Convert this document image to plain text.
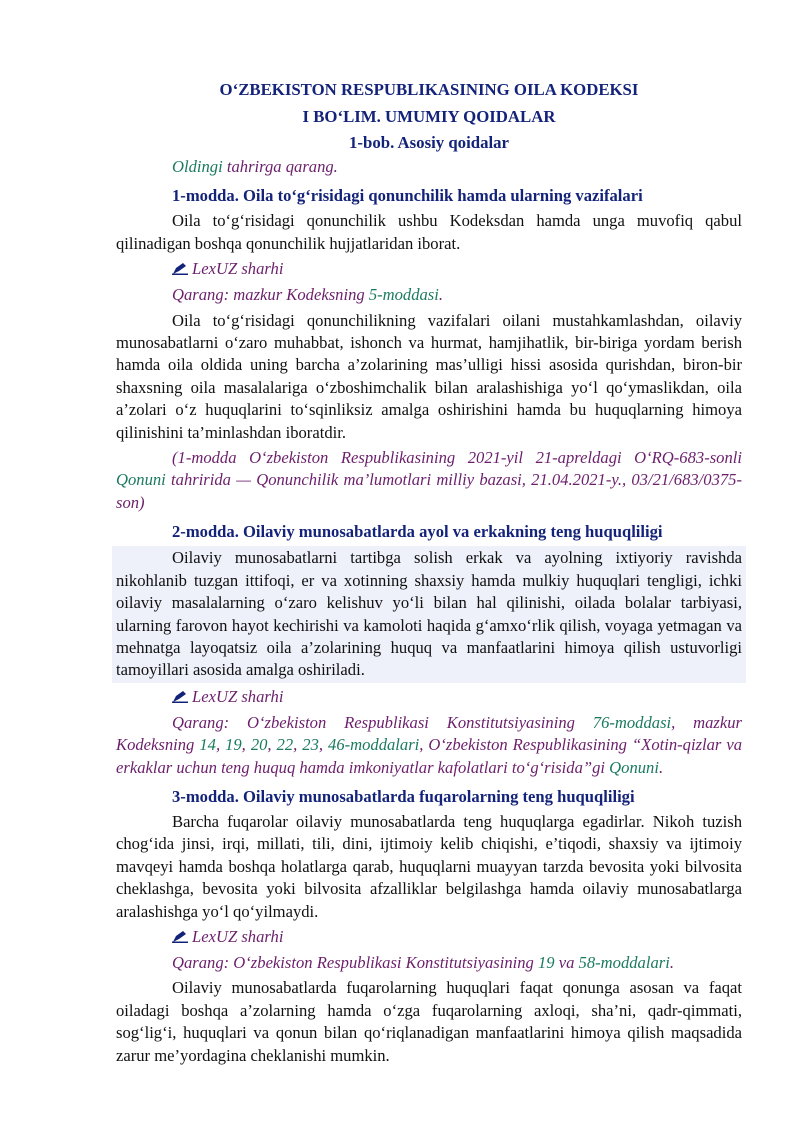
O‘ZBEKISTON RESPUBLIKASINING OILA KODEKSI

I BO‘LIM. UMUMIY QOIDALAR

1-bob. Asosiy qoidalar

Oldingi tahrirga qarang.

1-modda. Oila to‘g‘risidagi qonunchilik hamda ularning vazifalari

Oila to‘g‘risidagi qonunchilik ushbu Kodeksdan hamda unga muvofiq qabul qilinadigan boshqa qonunchilik hujjatlaridan iborat.

LexUZ sharhi

Qarang: mazkur Kodeksning 5-moddasi.

Oila to‘g‘risidagi qonunchilikning vazifalari oilani mustahkamlashdan, oilaviy munosabatlarni o‘zaro muhabbat, ishonch va hurmat, hamjihatlik, bir-biriga yordam berish hamda oila oldida uning barcha a’zolarining mas’ulligi hissi asosida qurishdan, biron-bir shaxsning oila masalalariga o‘zboshimchalik bilan aralashishiga yo‘l qo‘ymaslikdan, oila a’zolari o‘z huquqlarini to‘sqinliksiz amalga oshirishini hamda bu huquqlarning himoya qilinishini ta’minlashdan iboratdir.

(1-modda O‘zbekiston Respublikasining 2021-yil 21-apreldagi O‘RQ-683-sonli Qonuni tahririda — Qonunchilik ma’lumotlari milliy bazasi, 21.04.2021-y., 03/21/683/0375-son)

2-modda. Oilaviy munosabatlarda ayol va erkakning teng huquqliligi

Oilaviy munosabatlarni tartibga solish erkak va ayolning ixtiyoriy ravishda nikohlanib tuzgan ittifoqi, er va xotinning shaxsiy hamda mulkiy huquqlari tengligi, ichki oilaviy masalalarning o‘zaro kelishuv yo‘li bilan hal qilinishi, oilada bolalar tarbiyasi, ularning farovon hayot kechirishi va kamoloti haqida g‘amxo‘rlik qilish, voyaga yetmagan va mehnatga layoqatsiz oila a’zolarining huquq va manfaatlarini himoya qilish ustuvorligi tamoyillari asosida amalga oshiriladi.

LexUZ sharhi

Qarang: O‘zbekiston Respublikasi Konstitutsiyasining 76-moddasi, mazkur Kodeksning 14, 19, 20, 22, 23, 46-moddalari, O‘zbekiston Respublikasining “Xotin-qizlar va erkaklar uchun teng huquq hamda imkoniyatlar kafolatlari to‘g‘risida”gi Qonuni.

3-modda. Oilaviy munosabatlarda fuqarolarning teng huquqliligi

Barcha fuqarolar oilaviy munosabatlarda teng huquqlarga egadirlar. Nikoh tuzish chog‘ida jinsi, irqi, millati, tili, dini, ijtimoiy kelib chiqishi, e’tiqodi, shaxsiy va ijtimoiy mavqeyi hamda boshqa holatlarga qarab, huquqlarni muayyan tarzda bevosita yoki bilvosita cheklashga, bevosita yoki bilvosita afzalliklar belgilashga hamda oilaviy munosabatlarga aralashishga yo‘l qo‘yilmaydi.

LexUZ sharhi

Qarang: O‘zbekiston Respublikasi Konstitutsiyasining 19 va 58-moddalari.

Oilaviy munosabatlarda fuqarolarning huquqlari faqat qonunga asosan va faqat oiladagi boshqa a’zolarning hamda o‘zga fuqarolarning axloqi, sha’ni, qadr-qimmati, sog‘lig‘i, huquqlari va qonun bilan qo‘riqlanadigan manfaatlarini himoya qilish maqsadida zarur me’yordagina cheklanishi mumkin.
